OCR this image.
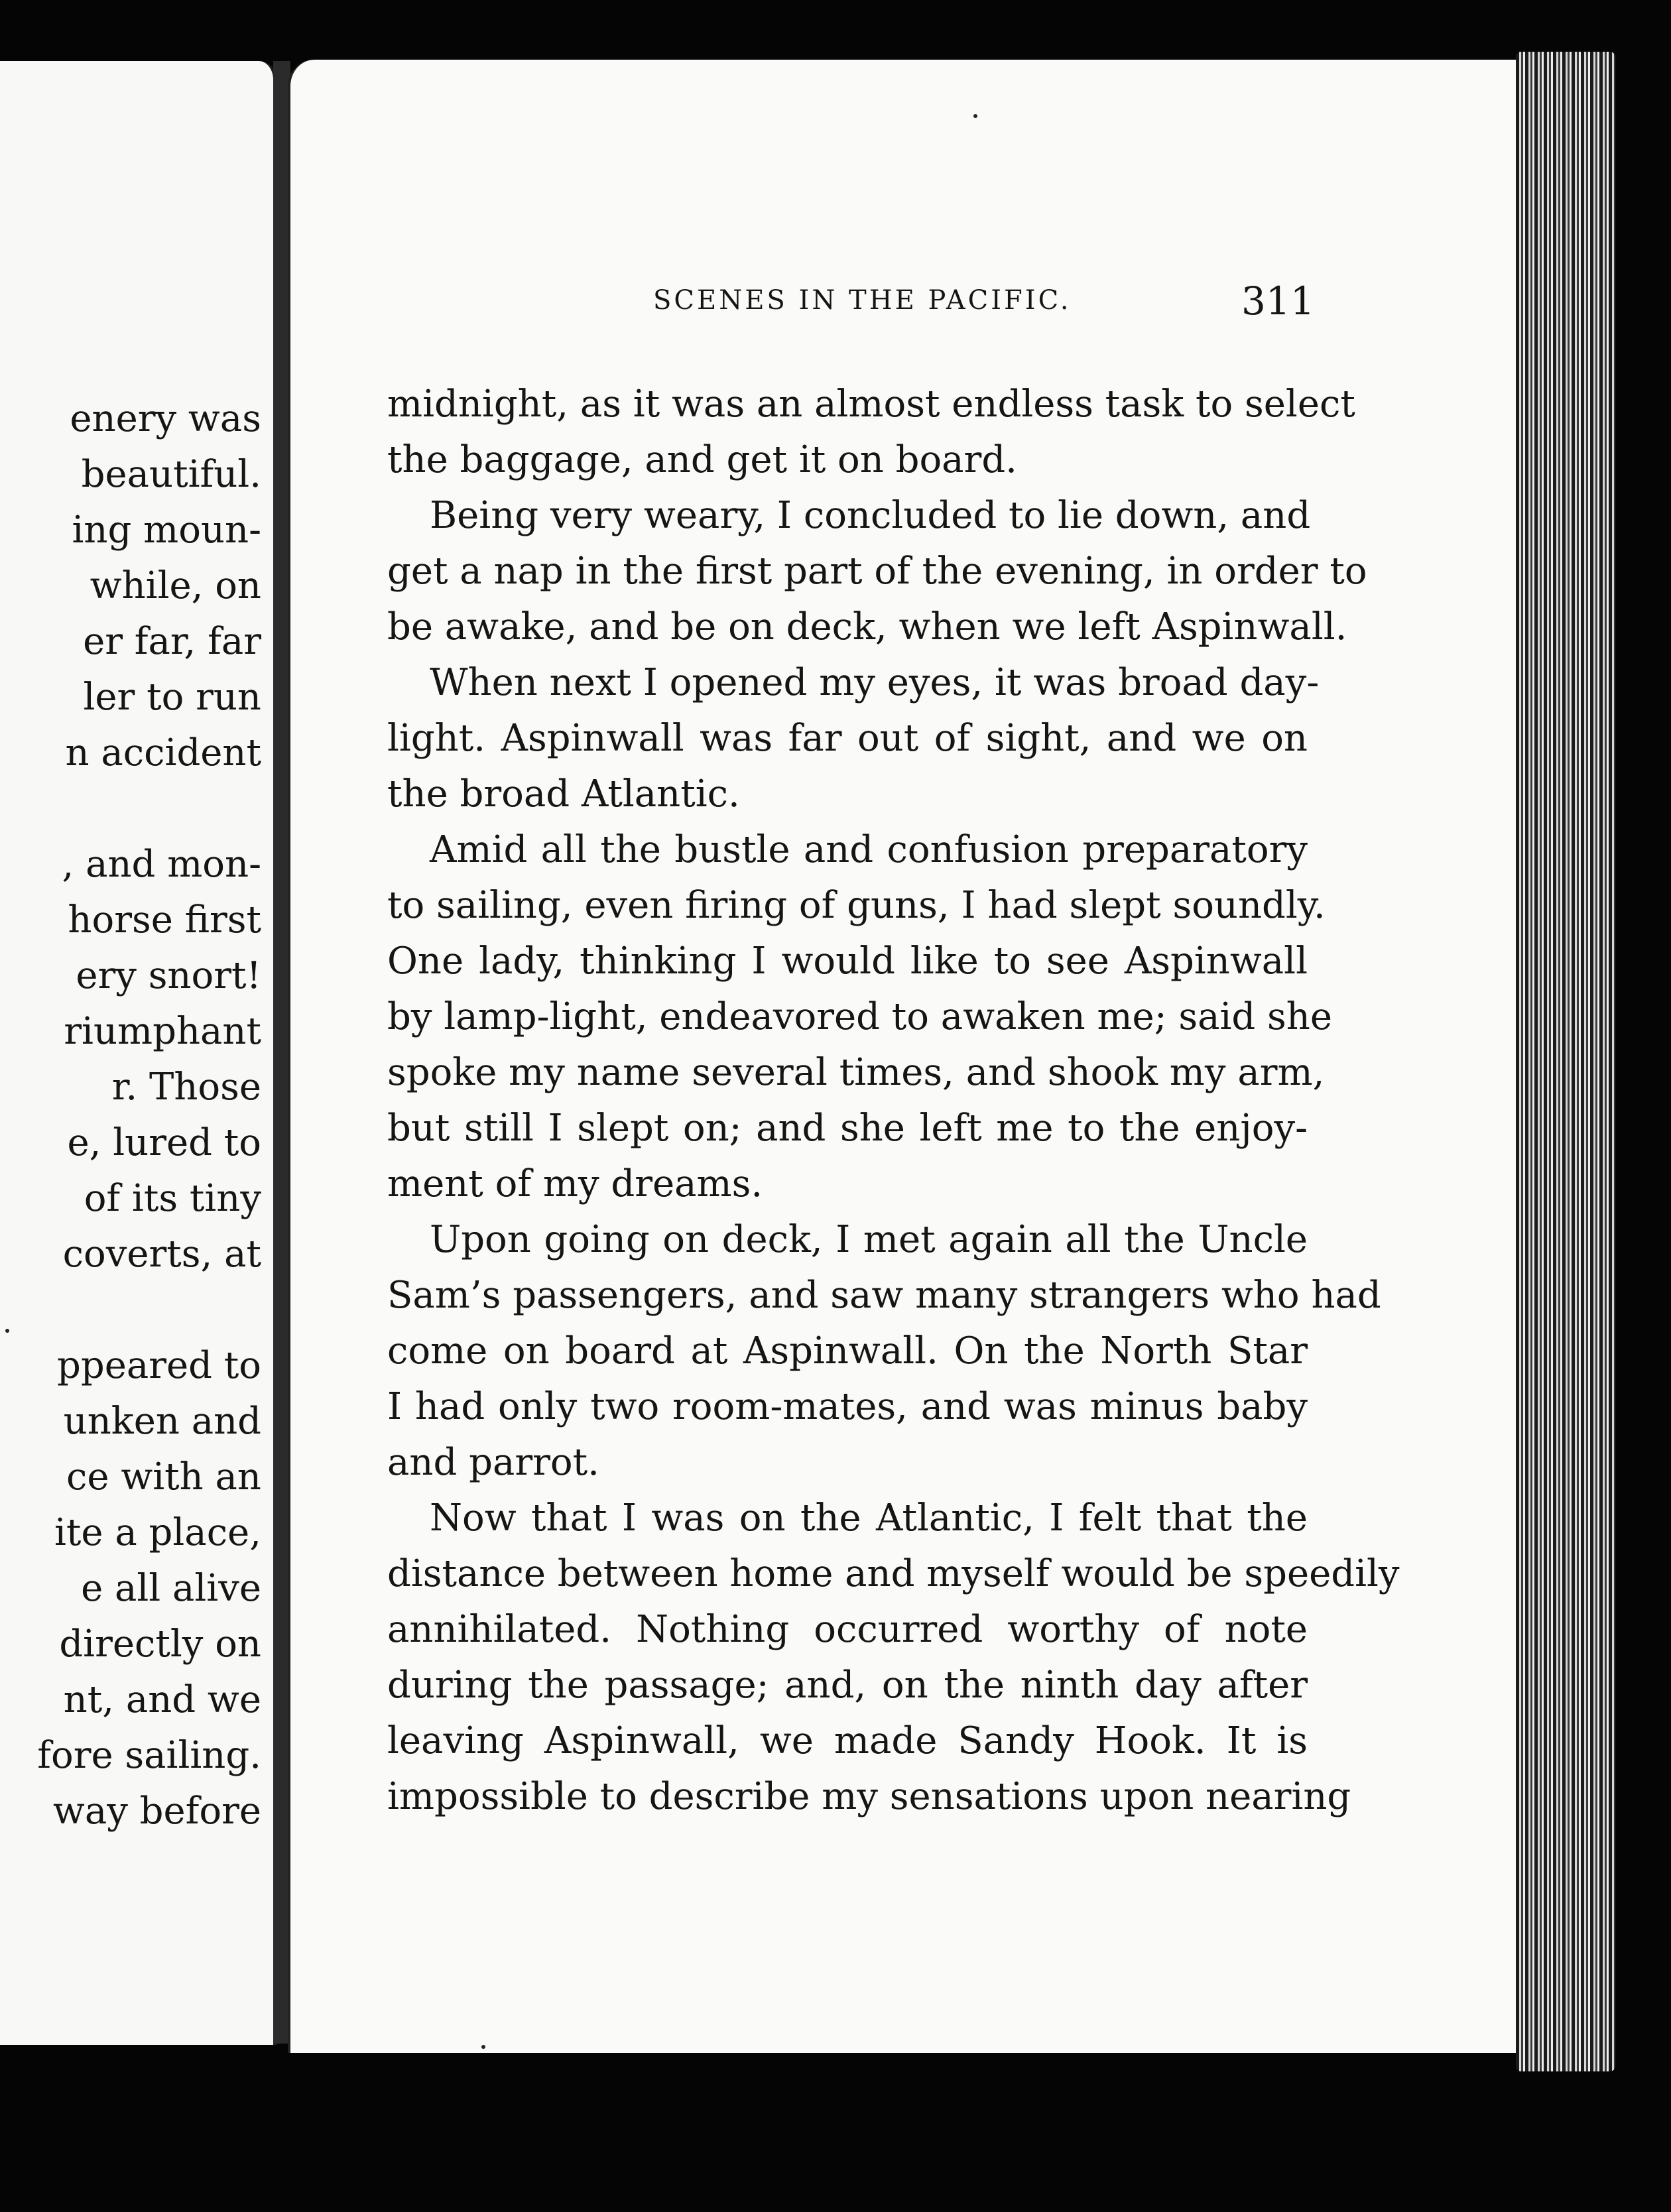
enery was
beautiful.
ing moun-
while, on
er far, far
ler to run
n accident
, and mon-
horse first
ery snort!
riumphant
r. Those
e, lured to
of its tiny
coverts, at
ppeared to
unken and
ce with an
ite a place,
e all alive
directly on
nt, and we
fore sailing.
way before
SCENES IN THE PACIFIC.	311
midnight, as it was an almost endless task to select
the baggage, and get it on board.
Being very weary, I concluded to lie down, and
get a nap in the first part of the evening, in order to
be awake, and be on deck, when we left Aspinwall.
When next I opened my eyes, it was broad day-
light. Aspinwall was far out of sight, and we on
the broad Atlantic.
Amid all the bustle and confusion preparatory
to sailing, even firing of guns, I had slept soundly.
One lady, thinking I would like to see Aspinwall
by lamp-light, endeavored to awaken me; said she
spoke my name several times, and shook my arm,
but still I slept on; and she left me to the enjoy-
ment of my dreams.
Upon going on deck, I met again all the Uncle
Sam’s passengers, and saw many strangers who had
come on board at Aspinwall. On the North Star
I had only two room-mates, and was minus baby
and parrot.
Now that I was on the Atlantic, I felt that the
distance between home and myself would be speedily
annihilated. Nothing occurred worthy of note
during the passage; and, on the ninth day after
leaving Aspinwall, we made Sandy Hook. It is
impossible to describe my sensations upon nearing
